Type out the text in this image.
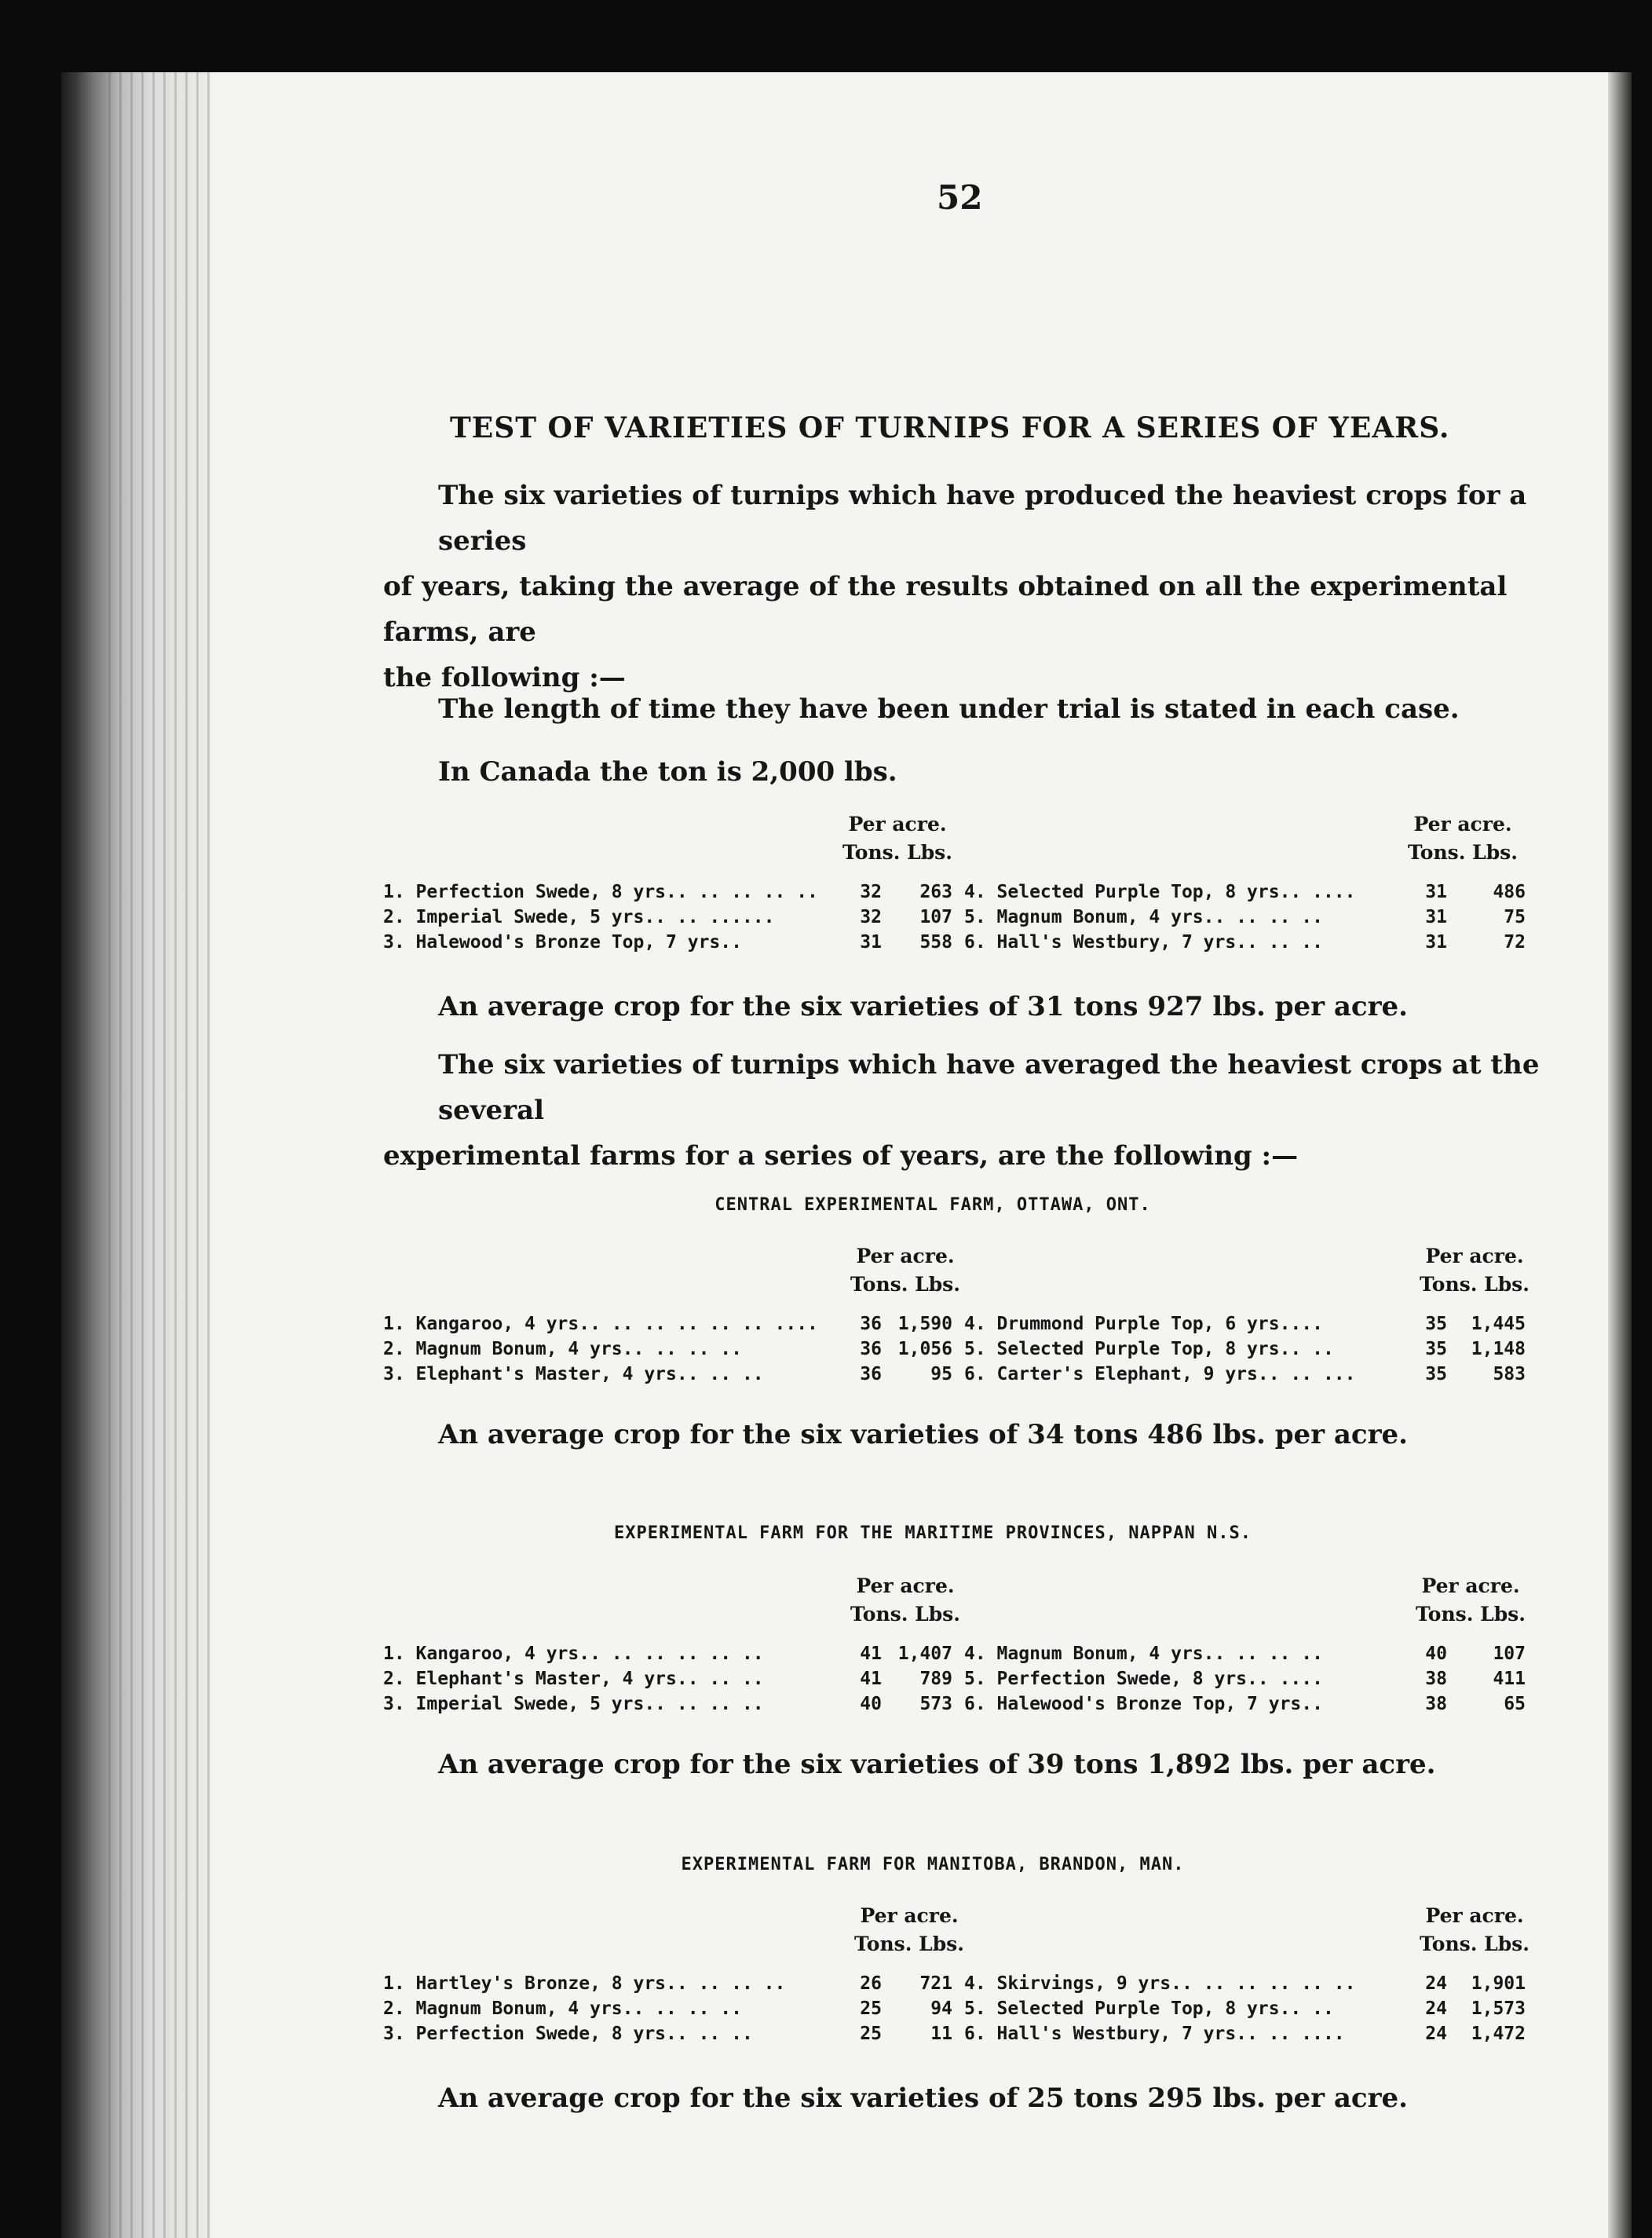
52
TEST OF VARIETIES OF TURNIPS FOR A SERIES OF YEARS.
The six varieties of turnips which have produced the heaviest crops for a series
of years, taking the average of the results obtained on all the experimental farms, are
the following :—
The length of time they have been under trial is stated in each case.
In Canada the ton is 2,000 lbs.
Per acre.
Tons. Lbs.
Per acre.
Tons. Lbs.
1. Perfection Swede, 8 yrs.. .. .. .. ..	32	263 4. Selected Purple Top, 8 yrs.. ....	31	486
2. Imperial Swede, 5 yrs.. .. ......	32	107 5. Magnum Bonum, 4 yrs.. .. .. ..	31	75
3. Halewood's Bronze Top, 7 yrs..	31	558 6. Hall's Westbury, 7 yrs.. .. ..	31	72
An average crop for the six varieties of 31 tons 927 lbs. per acre.
The six varieties of turnips which have averaged the heaviest crops at the several
experimental farms for a series of years, are the following :—
CENTRAL EXPERIMENTAL FARM, OTTAWA, ONT.
Per acre.
Tons. Lbs.
Per acre.
Tons. Lbs.
1. Kangaroo, 4 yrs.. .. .. .. .. .. ....	36 1,590 4. Drummond Purple Top, 6 yrs....	35	1,445
2. Magnum Bonum, 4 yrs.. .. .. ..	36 1,056 5. Selected Purple Top, 8 yrs.. ..	35	1,148
3. Elephant's Master, 4 yrs.. .. ..	36	95 6. Carter's Elephant, 9 yrs.. .. ...	35	583
An average crop for the six varieties of 34 tons 486 lbs. per acre.
EXPERIMENTAL FARM FOR THE MARITIME PROVINCES, NAPPAN N.S.
Per acre.
Tons. Lbs.
Per acre.
Tons. Lbs.
1. Kangaroo, 4 yrs.. .. .. .. .. ..	41 1,407 4. Magnum Bonum, 4 yrs.. .. .. ..	40	107
2. Elephant's Master, 4 yrs.. .. ..	41	789 5. Perfection Swede, 8 yrs.. ....	38	411
3. Imperial Swede, 5 yrs.. .. .. ..	40	573 6. Halewood's Bronze Top, 7 yrs..	38	65
An average crop for the six varieties of 39 tons 1,892 lbs. per acre.
EXPERIMENTAL FARM FOR MANITOBA, BRANDON, MAN.
Per acre.
Tons. Lbs.
Per acre.
Tons. Lbs.
1. Hartley's Bronze, 8 yrs.. .. .. ..	26	721 4. Skirvings, 9 yrs.. .. .. .. .. ..	24	1,901
2. Magnum Bonum, 4 yrs.. .. .. ..	25	94 5. Selected Purple Top, 8 yrs.. ..	24	1,573
3. Perfection Swede, 8 yrs.. .. ..	25	11 6. Hall's Westbury, 7 yrs.. .. ....	24	1,472
An average crop for the six varieties of 25 tons 295 lbs. per acre.
